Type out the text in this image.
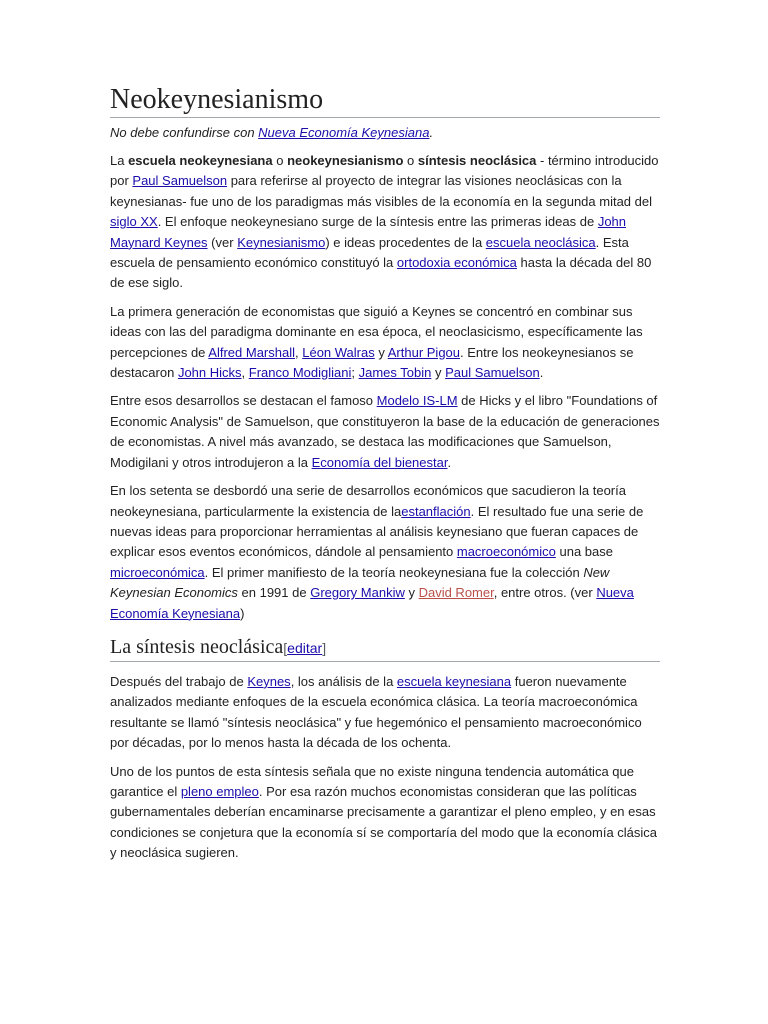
Neokeynesianismo
No debe confundirse con Nueva Economía Keynesiana.

La escuela neokeynesiana o neokeynesianismo o síntesis neoclásica - término introducido por Paul Samuelson para referirse al proyecto de integrar las visiones neoclásicas con la keynesianas- fue uno de los paradigmas más visibles de la economía en la segunda mitad del siglo XX. El enfoque neokeynesiano surge de la síntesis entre las primeras ideas de John Maynard Keynes (ver Keynesianismo) e ideas procedentes de la escuela neoclásica. Esta escuela de pensamiento económico constituyó la ortodoxia económica hasta la década del 80 de ese siglo.

La primera generación de economistas que siguió a Keynes se concentró en combinar sus ideas con las del paradigma dominante en esa época, el neoclasicismo, específicamente las percepciones de Alfred Marshall, Léon Walras y Arthur Pigou. Entre los neokeynesianos se destacaron John Hicks, Franco Modigliani; James Tobin y Paul Samuelson.

Entre esos desarrollos se destacan el famoso Modelo IS-LM de Hicks y el libro "Foundations of Economic Analysis" de Samuelson, que constituyeron la base de la educación de generaciones de economistas. A nivel más avanzado, se destaca las modificaciones que Samuelson, Modigilani y otros introdujeron a la Economía del bienestar.

En los setenta se desbordó una serie de desarrollos económicos que sacudieron la teoría neokeynesiana, particularmente la existencia de laestanflación. El resultado fue una serie de nuevas ideas para proporcionar herramientas al análisis keynesiano que fueran capaces de explicar esos eventos económicos, dándole al pensamiento macroeconómico una base microeconómica. El primer manifiesto de la teoría neokeynesiana fue la colección New Keynesian Economics en 1991 de Gregory Mankiw y David Romer, entre otros. (ver Nueva Economía Keynesiana)

La síntesis neoclásica[editar]

Después del trabajo de Keynes, los análisis de la escuela keynesiana fueron nuevamente analizados mediante enfoques de la escuela económica clásica. La teoría macroeconómica resultante se llamó "síntesis neoclásica" y fue hegemónico el pensamiento macroeconómico por décadas, por lo menos hasta la década de los ochenta.

Uno de los puntos de esta síntesis señala que no existe ninguna tendencia automática que garantice el pleno empleo. Por esa razón muchos economistas consideran que las políticas gubernamentales deberían encaminarse precisamente a garantizar el pleno empleo, y en esas condiciones se conjetura que la economía sí se comportaría del modo que la economía clásica y neoclásica sugieren.
